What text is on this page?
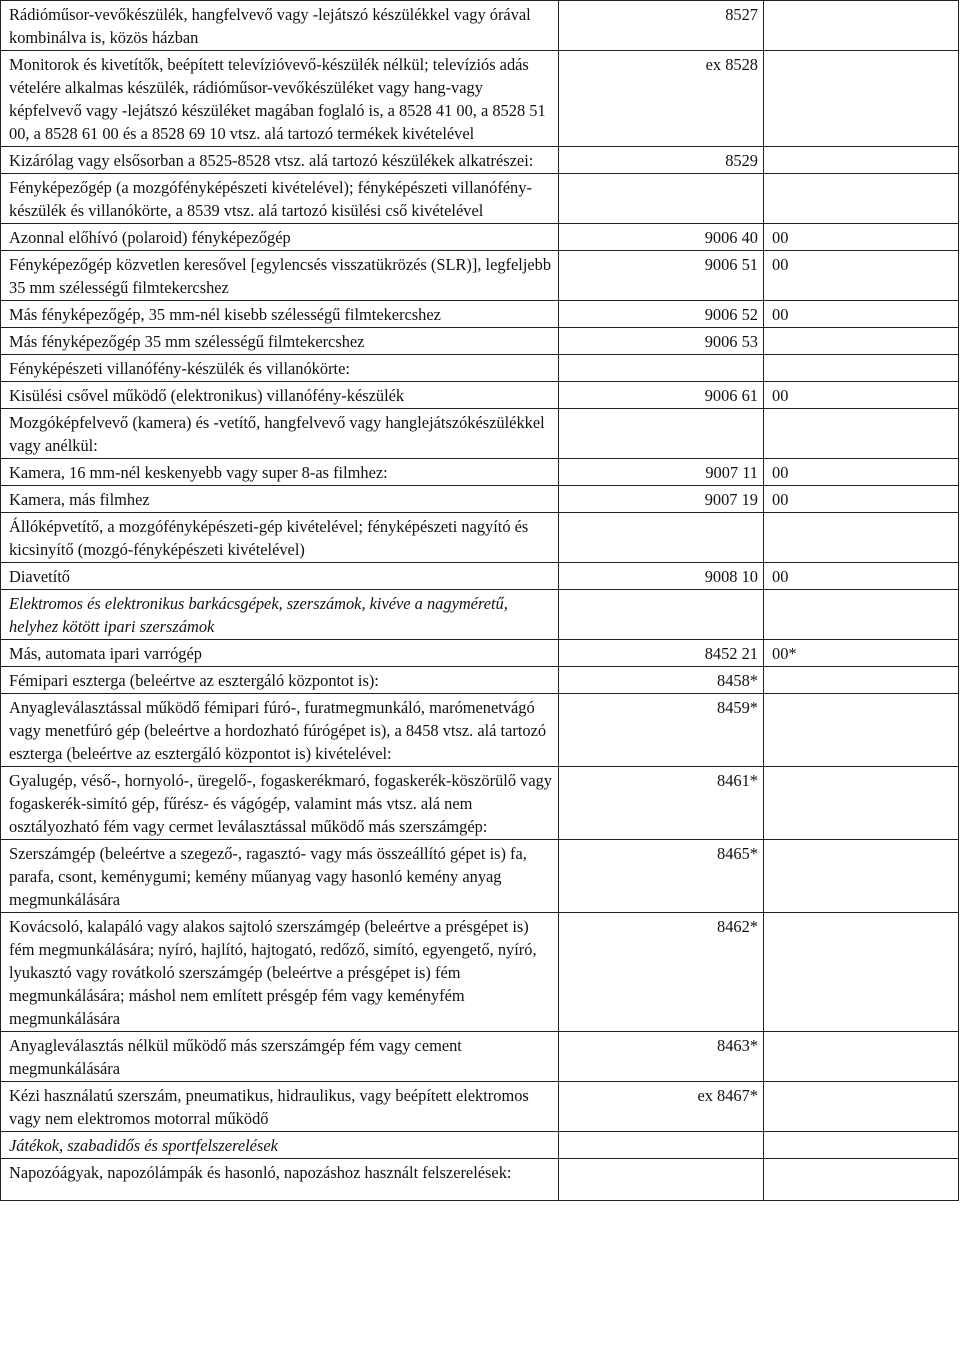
Rádióműsor-vevőkészülék, hangfelvevő vagy -lejátszó készülékkel vagy órával kombinálva is, közös házban	8527	
Monitorok és kivetítők, beépített televízióvevő-készülék nélkül; televíziós adás vételére alkalmas készülék, rádióműsor-vevőkészüléket vagy hang-vagy képfelvevő vagy -lejátszó készüléket magában foglaló is, a 8528 41 00, a 8528 51 00, a 8528 61 00 és a 8528 69 10 vtsz. alá tartozó termékek kivételével	ex 8528	
Kizárólag vagy elsősorban a 8525-8528 vtsz. alá tartozó készülékek alkatrészei:	8529	
Fényképezőgép (a mozgófényképészeti kivételével); fényképészeti villanófény-készülék és villanókörte, a 8539 vtsz. alá tartozó kisülési cső kivételével		
Azonnal előhívó (polaroid) fényképezőgép	9006 40	00
Fényképezőgép közvetlen keresővel [egylencsés visszatükrözés (SLR)], legfeljebb 35 mm szélességű filmtekercshez	9006 51	00
Más fényképezőgép, 35 mm-nél kisebb szélességű filmtekercshez	9006 52	00
Más fényképezőgép 35 mm szélességű filmtekercshez	9006 53	
Fényképészeti villanófény-készülék és villanókörte:		
Kisülési csővel működő (elektronikus) villanófény-készülék	9006 61	00
Mozgóképfelvevő (kamera) és -vetítő, hangfelvevő vagy hanglejátszókészülékkel vagy anélkül:		
Kamera, 16 mm-nél keskenyebb vagy super 8-as filmhez:	9007 11	00
Kamera, más filmhez	9007 19	00
Állóképvetítő, a mozgófényképészeti-gép kivételével; fényképészeti nagyító és kicsinyítő (mozgó-fényképészeti kivételével)		
Diavetítő	9008 10	00
Elektromos és elektronikus barkácsgépek, szerszámok, kivéve a nagyméretű, helyhez kötött ipari szerszámok		
Más, automata ipari varrógép	8452 21	00*
Fémipari eszterga (beleértve az esztergáló központot is):	8458*	
Anyagleválasztással működő fémipari fúró-, furatmegmunkáló, marómenetvágó vagy menetfúró gép (beleértve a hordozható fúrógépet is), a 8458 vtsz. alá tartozó eszterga (beleértve az esztergáló központot is) kivételével:	8459*	
Gyalugép, véső-, hornyoló-, üregelő-, fogaskerékmaró, fogaskerék-köszörülő vagy fogaskerék-simító gép, fűrész- és vágógép, valamint más vtsz. alá nem osztályozható fém vagy cermet leválasztással működő más szerszámgép:	8461*	
Szerszámgép (beleértve a szegező-, ragasztó- vagy más összeállító gépet is) fa, parafa, csont, keménygumi; kemény műanyag vagy hasonló kemény anyag megmunkálására	8465*	
Kovácsoló, kalapáló vagy alakos sajtoló szerszámgép (beleértve a présgépet is) fém megmunkálására; nyíró, hajlító, hajtogató, redőző, simító, egyengető, nyíró, lyukasztó vagy rovátkoló szerszámgép (beleértve a présgépet is) fém megmunkálására; máshol nem említett présgép fém vagy keményfém megmunkálására	8462*	
Anyagleválasztás nélkül működő más szerszámgép fém vagy cement megmunkálására	8463*	
Kézi használatú szerszám, pneumatikus, hidraulikus, vagy beépített elektromos vagy nem elektromos motorral működő	ex 8467*	
Játékok, szabadidős és sportfelszerelések		
Napozóágyak, napozólámpák és hasonló, napozáshoz használt felszerelések:		
